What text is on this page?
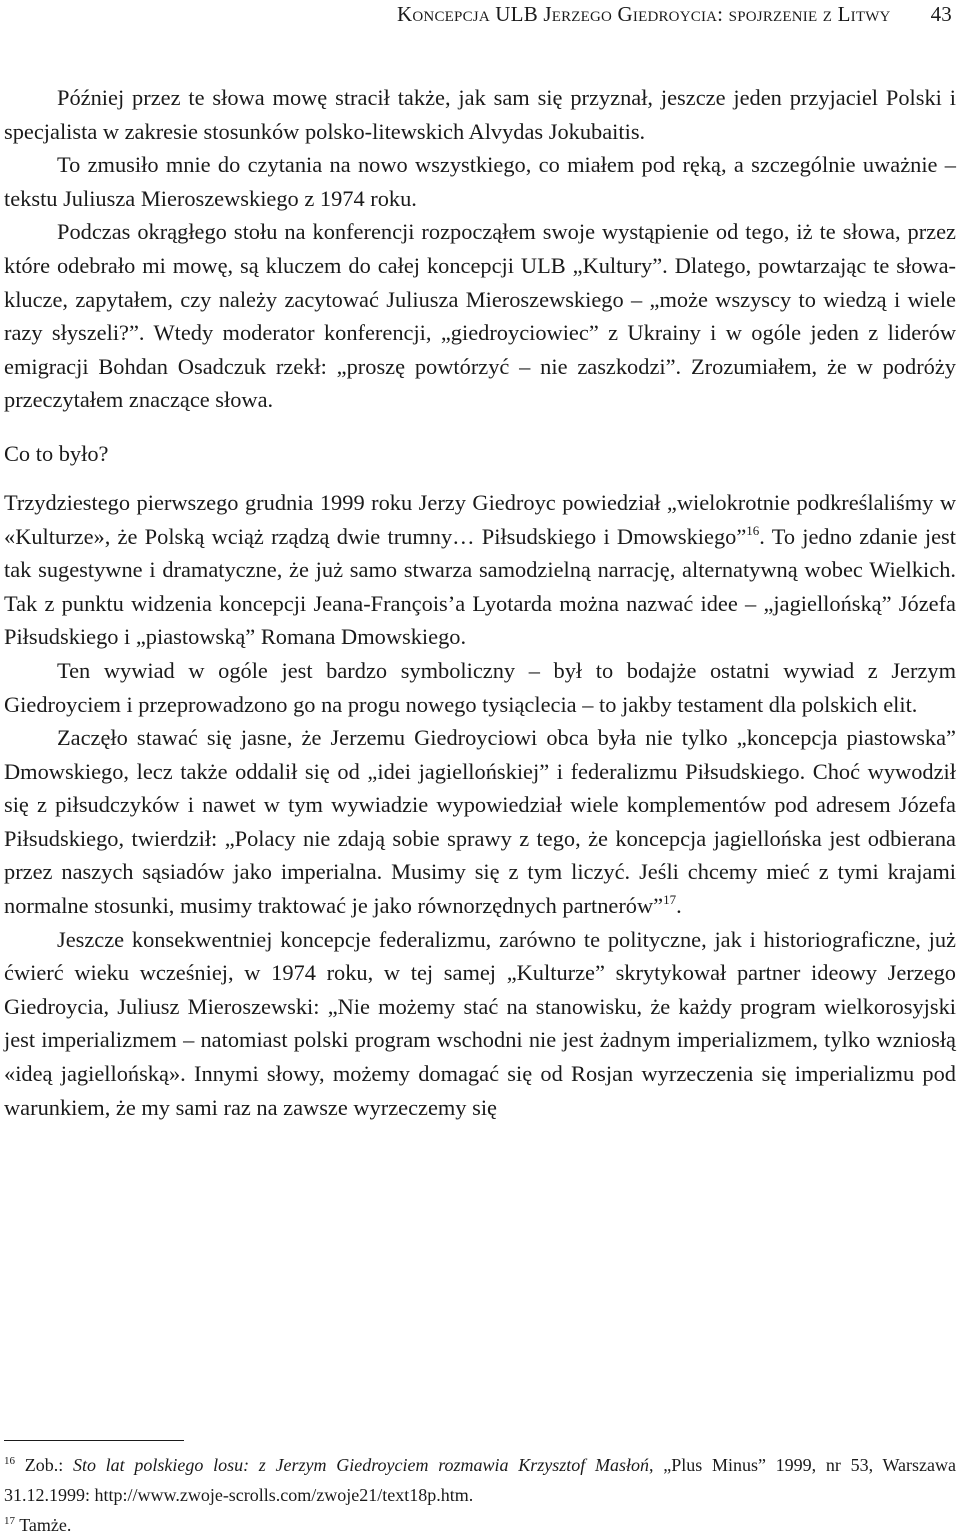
Koncepcja ULB Jerzego Giedroycia: spojrzenie z Litwy 43

Później przez te słowa mowę stracił także, jak sam się przyznał, jeszcze jeden przyjaciel Polski i specjalista w zakresie stosunków polsko-litewskich Alvydas Jokubaitis.

To zmusiło mnie do czytania na nowo wszystkiego, co miałem pod ręką, a szczególnie uważnie – tekstu Juliusza Mieroszewskiego z 1974 roku.

Podczas okrągłego stołu na konferencji rozpocząłem swoje wystąpienie od tego, iż te słowa, przez które odebrało mi mowę, są kluczem do całej koncepcji ULB „Kultury”. Dlatego, powtarzając te słowa-klucze, zapytałem, czy należy zacytować Juliusza Mieroszewskiego – „może wszyscy to wiedzą i wiele razy słyszeli?”. Wtedy moderator konferencji, „giedroyciowiec” z Ukrainy i w ogóle jeden z liderów emigracji Bohdan Osadczuk rzekł: „proszę powtórzyć – nie zaszkodzi”. Zrozumiałem, że w podróży przeczytałem znaczące słowa.

Co to było?

Trzydziestego pierwszego grudnia 1999 roku Jerzy Giedroyc powiedział „wielokrotnie podkreślaliśmy w «Kulturze», że Polską wciąż rządzą dwie trumny… Piłsudskiego i Dmowskiego”$^{16}$. To jedno zdanie jest tak sugestywne i dramatyczne, że już samo stwarza samodzielną narrację, alternatywną wobec Wielkich. Tak z punktu widzenia koncepcji Jeana-François’a Lyotarda można nazwać idee – „jagiellońską” Józefa Piłsudskiego i „piastowską” Romana Dmowskiego.

Ten wywiad w ogóle jest bardzo symboliczny – był to bodajże ostatni wywiad z Jerzym Giedroyciem i przeprowadzono go na progu nowego tysiąclecia – to jakby testament dla polskich elit.

Zaczęło stawać się jasne, że Jerzemu Giedroyciowi obca była nie tylko „koncepcja piastowska” Dmowskiego, lecz także oddalił się od „idei jagiellońskiej” i federalizmu Piłsudskiego. Choć wywodził się z piłsudczyków i nawet w tym wywiadzie wypowiedział wiele komplementów pod adresem Józefa Piłsudskiego, twierdził: „Polacy nie zdają sobie sprawy z tego, że koncepcja jagiellońska jest odbierana przez naszych sąsiadów jako imperialna. Musimy się z tym liczyć. Jeśli chcemy mieć z tymi krajami normalne stosunki, musimy traktować je jako równorzędnych partnerów”$^{17}$.

Jeszcze konsekwentniej koncepcje federalizmu, zarówno te polityczne, jak i historiograficzne, już ćwierć wieku wcześniej, w 1974 roku, w tej samej „Kulturze” skrytykował partner ideowy Jerzego Giedroycia, Juliusz Mieroszewski: „Nie możemy stać na stanowisku, że każdy program wielkorosyjski jest imperializmem – natomiast polski program wschodni nie jest żadnym imperializmem, tylko wzniosłą «ideą jagiellońską». Innymi słowy, możemy domagać się od Rosjan wyrzeczenia się imperializmu pod warunkiem, że my sami raz na zawsze wyrzeczemy się

$^{16}$ Zob.: Sto lat polskiego losu: z Jerzym Giedroyciem rozmawia Krzysztof Masłoń, „Plus Minus” 1999, nr 53, Warszawa 31.12.1999: http://www.zwoje-scrolls.com/zwoje21/text18p.htm.

$^{17}$ Tamże.
